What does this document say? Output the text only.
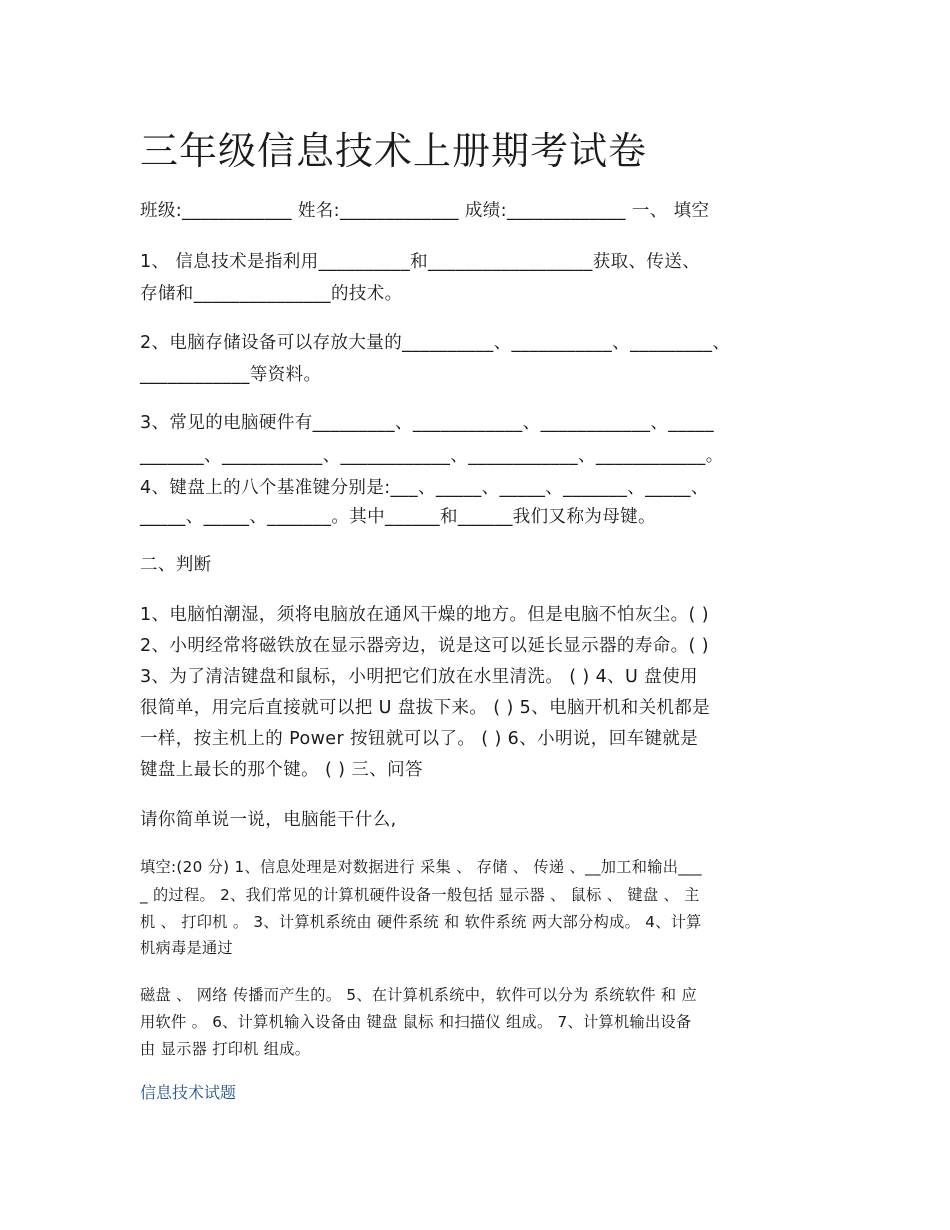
三年级信息技术上册期考试卷
班级:____________ 姓名:_____________ 成绩:_____________ 一、 填空
1、 信息技术是指利用__________和__________________获取、传送、
存储和_______________的技术。
2、电脑存储设备可以存放大量的__________、___________、_________、
____________等资料。
3、常见的电脑硬件有_________、____________、____________、_____
_______、___________、____________、____________、____________。
4、键盘上的八个基准键分别是:___、_____、_____、_______、_____、
_____、_____、_______。其中______和______我们又称为母键。
二、判断
1、电脑怕潮湿，须将电脑放在通风干燥的地方。但是电脑不怕灰尘。( )
2、小明经常将磁铁放在显示器旁边，说是这可以延长显示器的寿命。( )
3、为了清洁键盘和鼠标，小明把它们放在水里清洗。 ( ) 4、U 盘使用
很简单，用完后直接就可以把 U 盘拔下来。 ( ) 5、电脑开机和关机都是
一样，按主机上的 Power 按钮就可以了。 ( ) 6、小明说，回车键就是
键盘上最长的那个键。 ( ) 三、问答
请你简单说一说，电脑能干什么,
填空:(20 分) 1、信息处理是对数据进行 采集 、 存储 、 传递 、__加工和输出___
_ 的过程。 2、我们常见的计算机硬件设备一般包括 显示器 、 鼠标 、 键盘 、 主
机 、 打印机 。 3、计算机系统由 硬件系统 和 软件系统 两大部分构成。 4、计算
机病毒是通过
磁盘 、 网络 传播而产生的。 5、在计算机系统中，软件可以分为 系统软件 和 应
用软件 。 6、计算机输入设备由 键盘 鼠标 和扫描仪 组成。 7、计算机输出设备
由 显示器 打印机 组成。
信息技术试题
